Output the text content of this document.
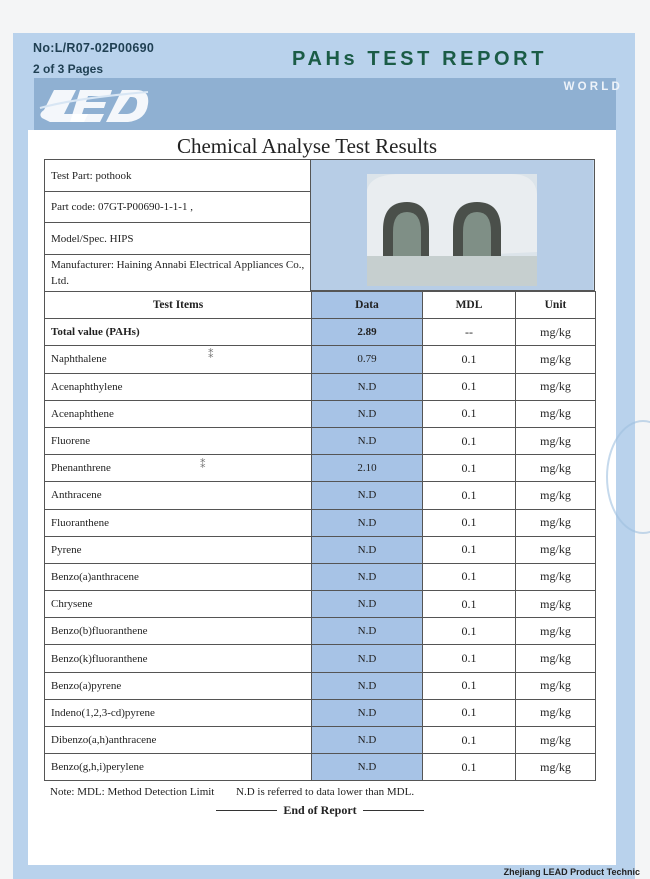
No:L/R07-02P00690
2 of 3 Pages	PAHs TEST REPORT
WORLD
Chemical Analyse Test Results
Test Part: pothook
Part code: 07GT-P00690-1-1-1 ,
Model/Spec. HIPS
Manufacturer: Haining Annabi Electrical Appliances Co., Ltd.
Test Items	Data	MDL	Unit
Total value (PAHs)	2.89	--	mg/kg
Naphthalene	0.79	0.1	mg/kg
Acenaphthylene	N.D	0.1	mg/kg
Acenaphthene	N.D	0.1	mg/kg
Fluorene	N.D	0.1	mg/kg
Phenanthrene	2.10	0.1	mg/kg
Anthracene	N.D	0.1	mg/kg
Fluoranthene	N.D	0.1	mg/kg
Pyrene	N.D	0.1	mg/kg
Benzo(a)anthracene	N.D	0.1	mg/kg
Chrysene	N.D	0.1	mg/kg
Benzo(b)fluoranthene	N.D	0.1	mg/kg
Benzo(k)fluoranthene	N.D	0.1	mg/kg
Benzo(a)pyrene	N.D	0.1	mg/kg
Indeno(1,2,3-cd)pyrene	N.D	0.1	mg/kg
Dibenzo(a,h)anthracene	N.D	0.1	mg/kg
Benzo(g,h,i)perylene	N.D	0.1	mg/kg
⁑
⁑
Note: MDL: Method Detection Limit N.D is referred to data lower than MDL.
End of Report
Zhejiang LEAD Product Technic
